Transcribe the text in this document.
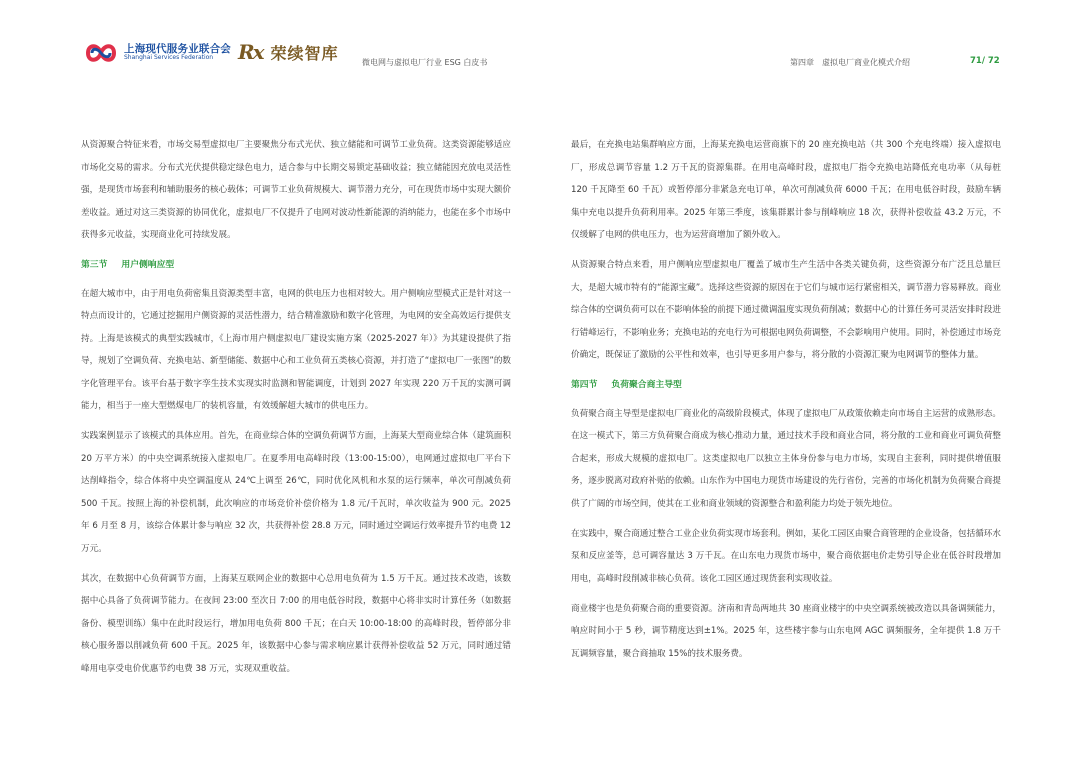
上海现代服务业联合会
Shanghai Services Federation	Rx 荣续智库	微电网与虚拟电厂行业 ESG 白皮书	第四章　虚拟电厂商业化模式介绍	71/ 72

从资源聚合特征来看，市场交易型虚拟电厂主要聚焦分布式光伏、独立储能和可调节工业负荷。这类资源能够适应市场化交易的需求。分布式光伏提供稳定绿色电力，适合参与中长期交易锁定基础收益；独立储能因充放电灵活性强，是现货市场套利和辅助服务的核心载体；可调节工业负荷规模大、调节潜力充分，可在现货市场中实现大额价差收益。通过对这三类资源的协同优化，虚拟电厂不仅提升了电网对波动性新能源的消纳能力，也能在多个市场中获得多元收益，实现商业化可持续发展。

第三节 用户侧响应型

在超大城市中，由于用电负荷密集且资源类型丰富，电网的供电压力也相对较大。用户侧响应型模式正是针对这一特点而设计的，它通过挖掘用户侧资源的灵活性潜力，结合精准激励和数字化管理，为电网的安全高效运行提供支持。上海是该模式的典型实践城市，《上海市用户侧虚拟电厂建设实施方案（2025-2027 年）》为其建设提供了指导，规划了空调负荷、充换电站、新型储能、数据中心和工业负荷五类核心资源，并打造了“虚拟电厂一张图”的数字化管理平台。该平台基于数字孪生技术实现实时监测和智能调度，计划到 2027 年实现 220 万千瓦的实测可调能力，相当于一座大型燃煤电厂的装机容量，有效缓解超大城市的供电压力。

实践案例显示了该模式的具体应用。首先，在商业综合体的空调负荷调节方面，上海某大型商业综合体（建筑面积 20 万平方米）的中央空调系统接入虚拟电厂。在夏季用电高峰时段（13:00-15:00），电网通过虚拟电厂平台下达削峰指令，综合体将中央空调温度从 24℃上调至 26℃，同时优化风机和水泵的运行频率，单次可削减负荷 500 千瓦。按照上海的补偿机制，此次响应的市场竞价补偿价格为 1.8 元/千瓦时，单次收益为 900 元。2025 年 6 月至 8 月，该综合体累计参与响应 32 次，共获得补偿 28.8 万元，同时通过空调运行效率提升节约电费 12 万元。

其次，在数据中心负荷调节方面，上海某互联网企业的数据中心总用电负荷为 1.5 万千瓦。通过技术改造，该数据中心具备了负荷调节能力。在夜间 23:00 至次日 7:00 的用电低谷时段，数据中心将非实时计算任务（如数据备份、模型训练）集中在此时段运行，增加用电负荷 800 千瓦；在白天 10:00-18:00 的高峰时段，暂停部分非核心服务器以削减负荷 600 千瓦。2025 年，该数据中心参与需求响应累计获得补偿收益 52 万元，同时通过错峰用电享受电价优惠节约电费 38 万元，实现双重收益。

最后，在充换电站集群响应方面，上海某充换电运营商旗下的 20 座充换电站（共 300 个充电终端）接入虚拟电厂，形成总调节容量 1.2 万千瓦的资源集群。在用电高峰时段，虚拟电厂指令充换电站降低充电功率（从每桩 120 千瓦降至 60 千瓦）或暂停部分非紧急充电订单，单次可削减负荷 6000 千瓦；在用电低谷时段，鼓励车辆集中充电以提升负荷利用率。2025 年第三季度，该集群累计参与削峰响应 18 次，获得补偿收益 43.2 万元，不仅缓解了电网的供电压力，也为运营商增加了额外收入。

从资源聚合特点来看，用户侧响应型虚拟电厂覆盖了城市生产生活中各类关键负荷，这些资源分布广泛且总量巨大，是超大城市特有的“能源宝藏”。选择这些资源的原因在于它们与城市运行紧密相关，调节潜力容易释放。商业综合体的空调负荷可以在不影响体验的前提下通过微调温度实现负荷削减；数据中心的计算任务可灵活安排时段进行错峰运行，不影响业务；充换电站的充电行为可根据电网负荷调整，不会影响用户使用。同时，补偿通过市场竞价确定，既保证了激励的公平性和效率，也引导更多用户参与，将分散的小资源汇聚为电网调节的整体力量。

第四节 负荷聚合商主导型

负荷聚合商主导型是虚拟电厂商业化的高级阶段模式，体现了虚拟电厂从政策依赖走向市场自主运营的成熟形态。在这一模式下，第三方负荷聚合商成为核心推动力量，通过技术手段和商业合同，将分散的工业和商业可调负荷整合起来，形成大规模的虚拟电厂。这类虚拟电厂以独立主体身份参与电力市场，实现自主套利，同时提供增值服务，逐步脱离对政府补贴的依赖。山东作为中国电力现货市场建设的先行省份，完善的市场化机制为负荷聚合商提供了广阔的市场空间，使其在工业和商业领域的资源整合和盈利能力均处于领先地位。

在实践中，聚合商通过整合工业企业负荷实现市场套利。例如，某化工园区由聚合商管理的企业设备，包括循环水泵和反应釜等，总可调容量达 3 万千瓦。在山东电力现货市场中，聚合商依据电价走势引导企业在低谷时段增加用电，高峰时段削减非核心负荷。该化工园区通过现货套利实现收益。

商业楼宇也是负荷聚合商的重要资源。济南和青岛两地共 30 座商业楼宇的中央空调系统被改造以具备调频能力，响应时间小于 5 秒，调节精度达到±1%。2025 年，这些楼宇参与山东电网 AGC 调频服务，全年提供 1.8 万千瓦调频容量，聚合商抽取 15%的技术服务费。
